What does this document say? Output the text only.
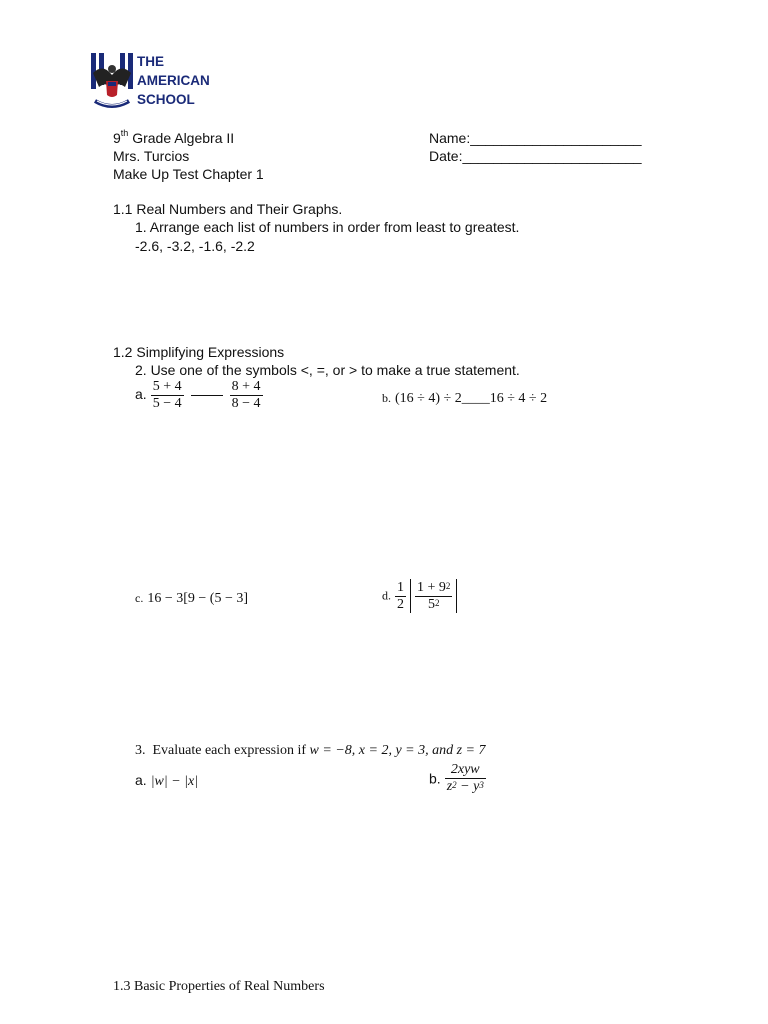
THE
AMERICAN
SCHOOL
9th Grade Algebra II
Mrs. Turcios
Make Up Test Chapter 1
Name:______________________
Date:_______________________
1.1 Real Numbers and Their Graphs.
1. Arrange each list of numbers in order from least to greatest.
-2.6, -3.2, -1.6, -2.2
1.2 Simplifying Expressions
2. Use one of the symbols <, =, or > to make a true statement.
a. $\frac{5 + 4}{5 - 4}$
	$\frac{8 + 4}{8 - 4}$	b. (16 ÷ 4) ÷ 2____16 ÷ 4 ÷ 2
c. 16 − 3[9 − (5 − 3]	d. $\frac{1}{2}$
$\frac{1 + 9^2}{5^2}$

3. Evaluate each expression if w = −8, x = 2, y = 3, and z = 7
a. |w| − |x|	b. $\frac{\text{2xyw}}{z^2 - y^3}$
1.3 Basic Properties of Real Numbers
